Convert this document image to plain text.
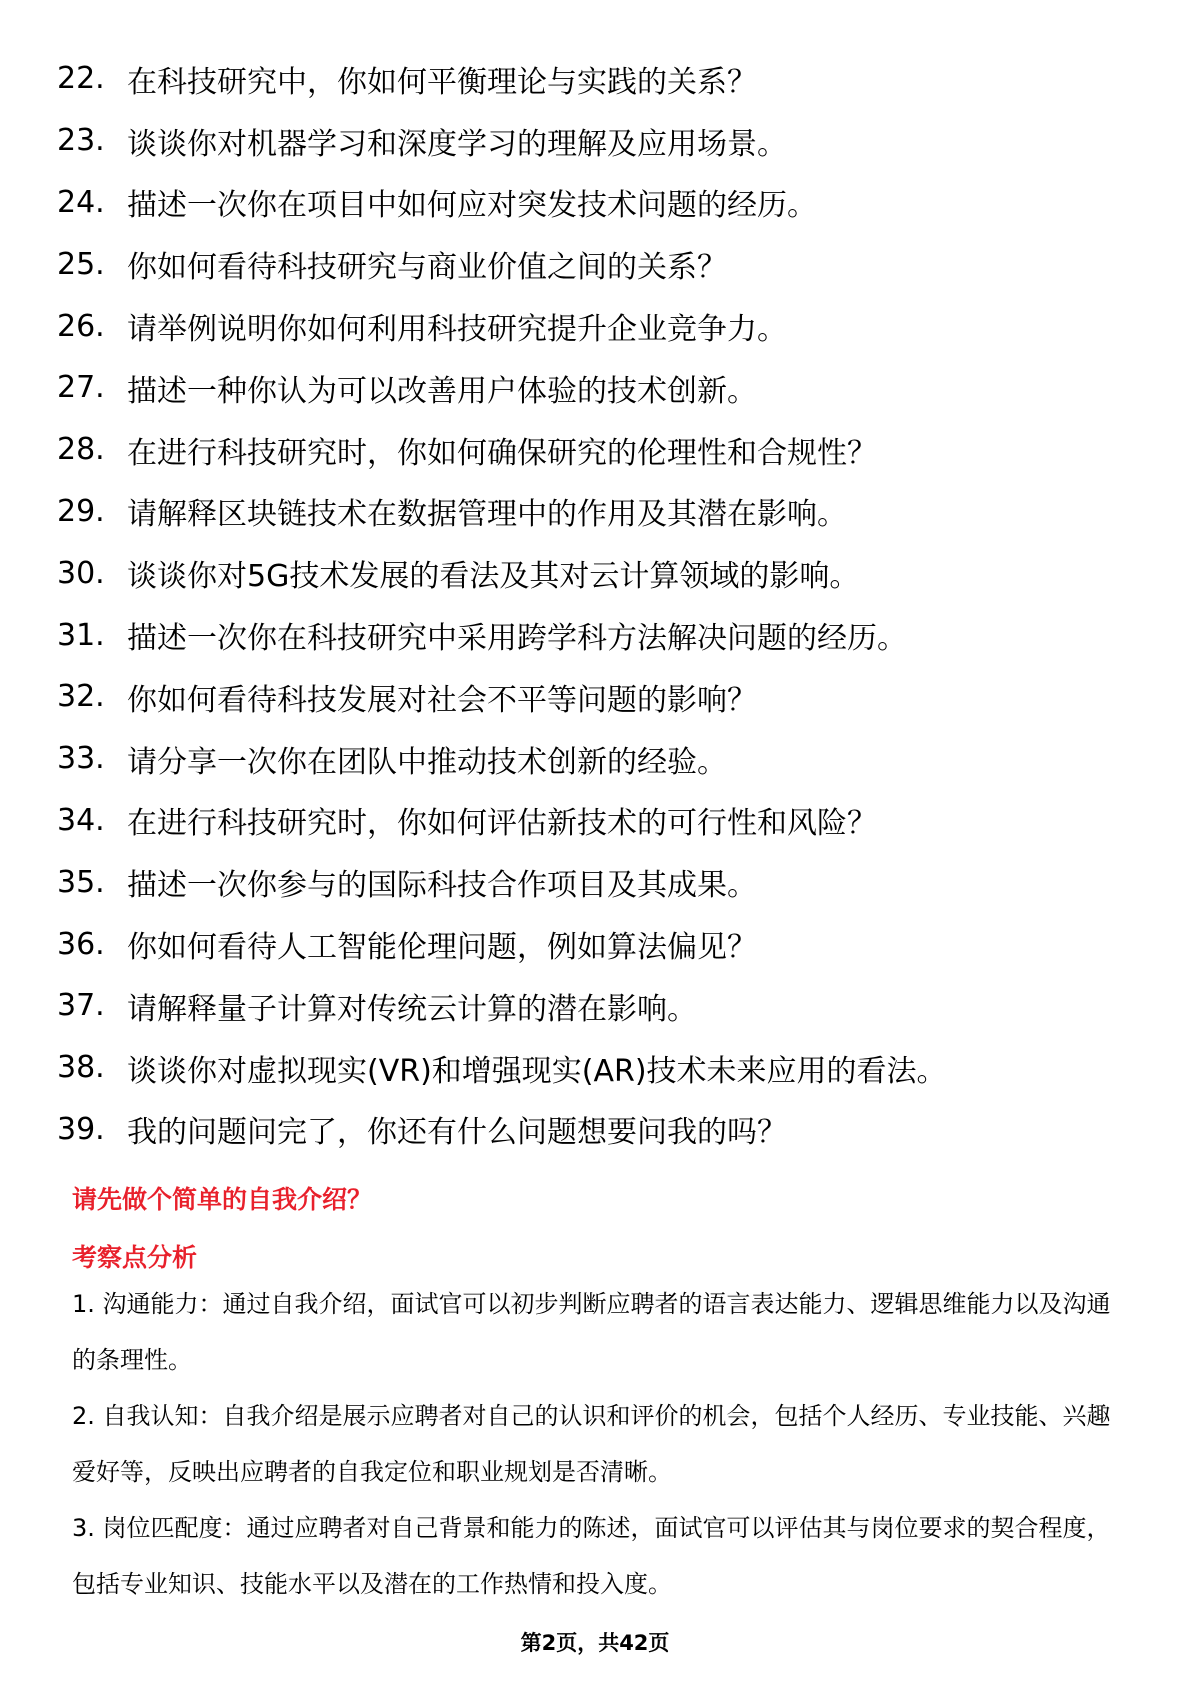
22. 在科技研究中，你如何平衡理论与实践的关系？
23. 谈谈你对机器学习和深度学习的理解及应用场景。
24. 描述一次你在项目中如何应对突发技术问题的经历。
25. 你如何看待科技研究与商业价值之间的关系？
26. 请举例说明你如何利用科技研究提升企业竞争力。
27. 描述一种你认为可以改善用户体验的技术创新。
28. 在进行科技研究时，你如何确保研究的伦理性和合规性？
29. 请解释区块链技术在数据管理中的作用及其潜在影响。
30. 谈谈你对5G技术发展的看法及其对云计算领域的影响。
31. 描述一次你在科技研究中采用跨学科方法解决问题的经历。
32. 你如何看待科技发展对社会不平等问题的影响？
33. 请分享一次你在团队中推动技术创新的经验。
34. 在进行科技研究时，你如何评估新技术的可行性和风险？
35. 描述一次你参与的国际科技合作项目及其成果。
36. 你如何看待人工智能伦理问题，例如算法偏见？
37. 请解释量子计算对传统云计算的潜在影响。
38. 谈谈你对虚拟现实(VR)和增强现实(AR)技术未来应用的看法。
39. 我的问题问完了，你还有什么问题想要问我的吗？
请先做个简单的自我介绍？
考察点分析

1. 沟通能力：通过自我介绍，面试官可以初步判断应聘者的语言表达能力、逻辑思维能力以及沟通的条理性。

2. 自我认知：自我介绍是展示应聘者对自己的认识和评价的机会，包括个人经历、专业技能、兴趣爱好等，反映出应聘者的自我定位和职业规划是否清晰。

3. 岗位匹配度：通过应聘者对自己背景和能力的陈述，面试官可以评估其与岗位要求的契合程度，包括专业知识、技能水平以及潜在的工作热情和投入度。

第2页，共42页
